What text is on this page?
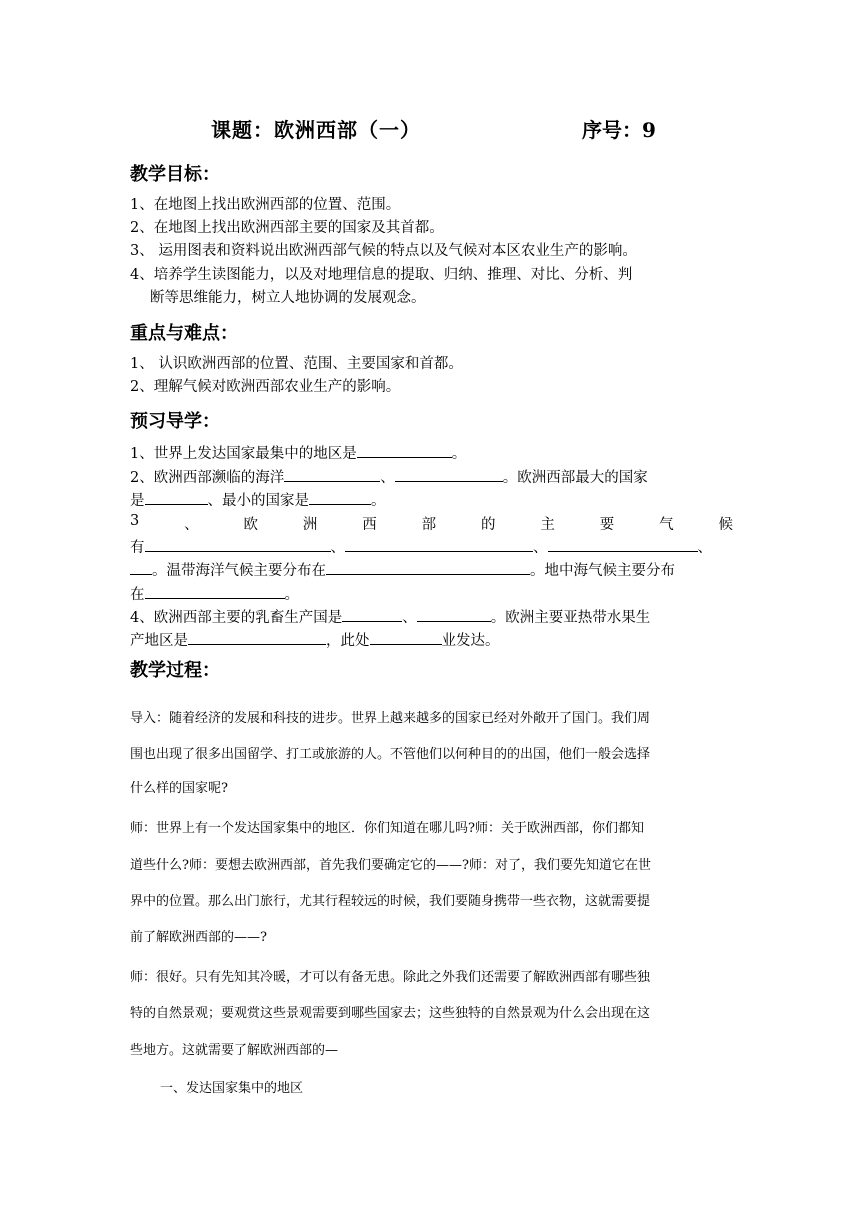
课题：欧洲西部（一）	序号：9
教学目标：
1、在地图上找出欧洲西部的位置、范围。
2、在地图上找出欧洲西部主要的国家及其首都。
3、 运用图表和资料说出欧洲西部气候的特点以及气候对本区农业生产的影响。
4、培养学生读图能力，以及对地理信息的提取、归纳、推理、对比、分析、判
断等思维能力，树立人地协调的发展观念。
重点与难点：
1、 认识欧洲西部的位置、范围、主要国家和首都。
2、理解气候对欧洲西部农业生产的影响。
预习导学：
1、世界上发达国家最集中的地区是	。
2、欧洲西部濒临的海洋	、	。欧洲西部最大的国家
是	、最小的国家是	。
3	、	欧	洲	西	部	的	主	要	气	候
有	、	、	、
。温带海洋气候主要分布在	。地中海气候主要分布
在	。
4、欧洲西部主要的乳畜生产国是	、	。欧洲主要亚热带水果生
产地区是	，此处	业发达。
教学过程：
导入：随着经济的发展和科技的进步。世界上越来越多的国家已经对外敞开了国门。我们周
围也出现了很多出国留学、打工或旅游的人。不管他们以何种目的的出国，他们一般会选择
什么样的国家呢?
师：世界上有一个发达国家集中的地区．你们知道在哪儿吗?师：关于欧洲西部，你们都知
道些什么?师：要想去欧洲西部，首先我们要确定它的——?师：对了，我们要先知道它在世
界中的位置。那么出门旅行，尤其行程较远的时候，我们要随身携带一些衣物，这就需要提
前了解欧洲西部的——?
师：很好。只有先知其冷暖，才可以有备无患。除此之外我们还需要了解欧洲西部有哪些独
特的自然景观；要观赏这些景观需要到哪些国家去；这些独特的自然景观为什么会出现在这
些地方。这就需要了解欧洲西部的—
一、发达国家集中的地区
